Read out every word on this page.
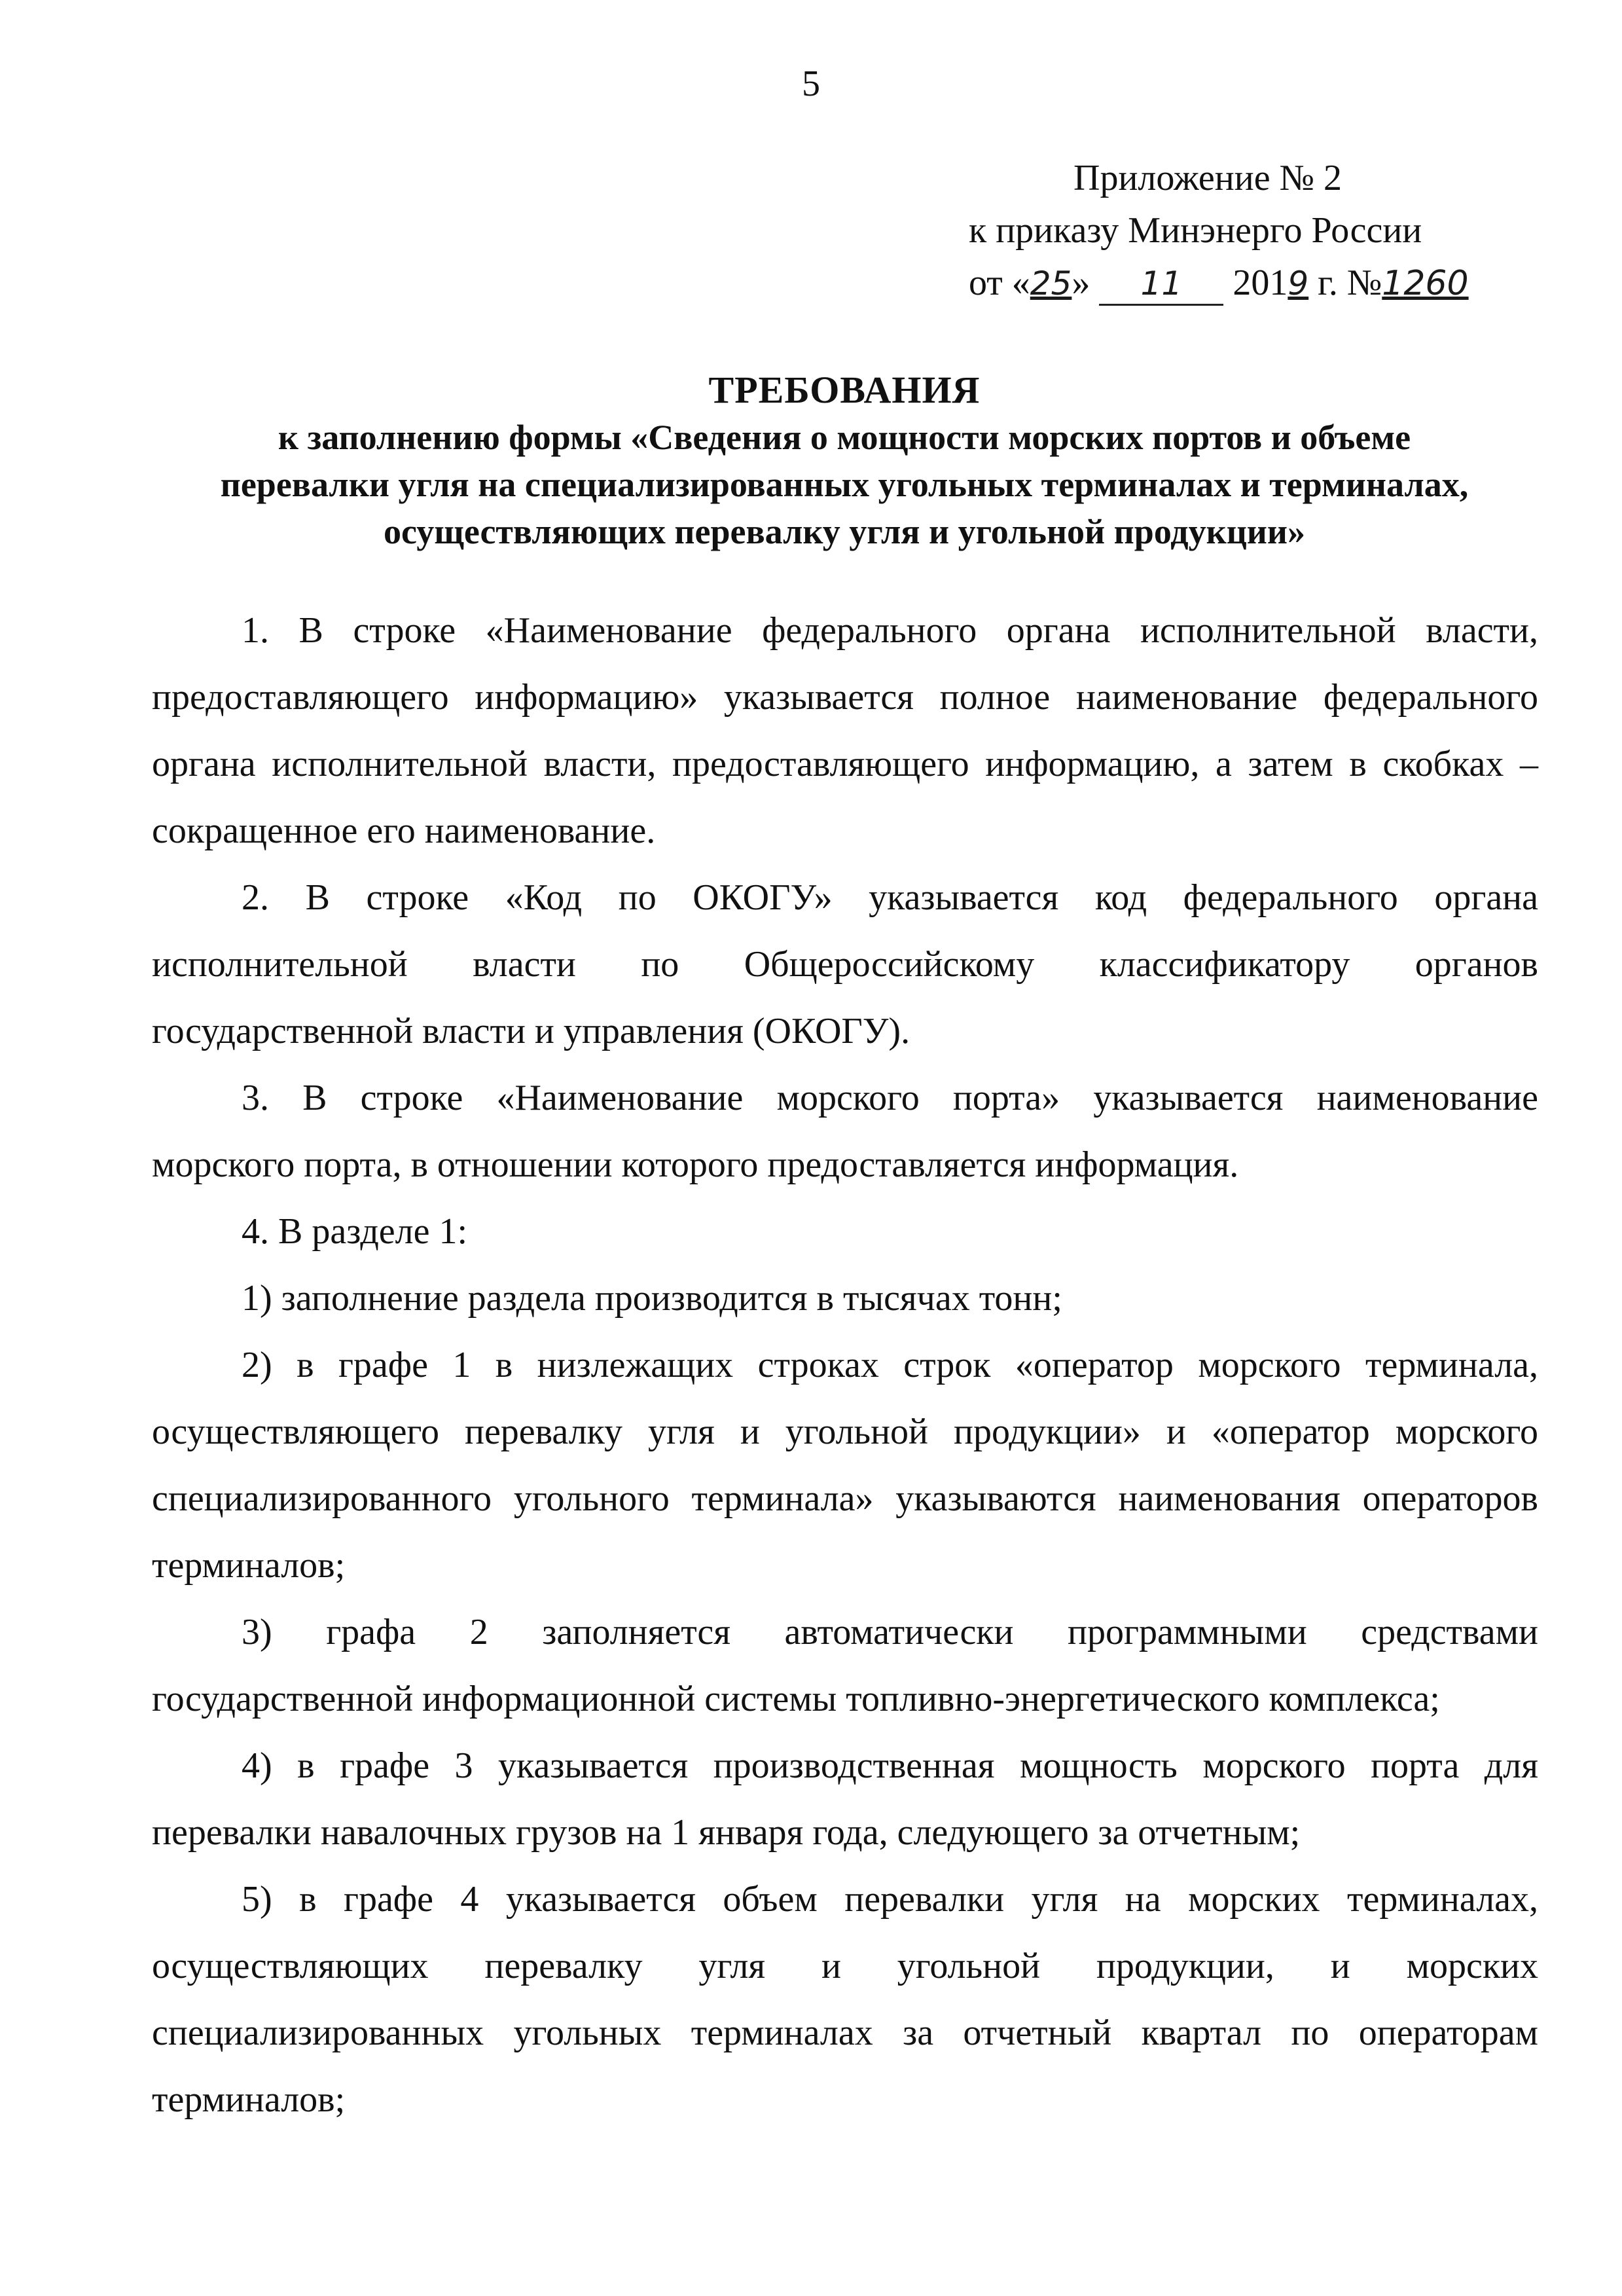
5
Приложение № 2
к приказу Минэнерго России
от «25» 11 2019 г. №1260
ТРЕБОВАНИЯ
к заполнению формы «Сведения о мощности морских портов и объеме
перевалки угля на специализированных угольных терминалах и терминалах,
осуществляющих перевалку угля и угольной продукции»

1. В строке «Наименование федерального органа исполнительной власти,

предоставляющего информацию» указывается полное наименование федерального

органа исполнительной власти, предоставляющего информацию, а затем в скобках –

сокращенное его наименование.

2. В строке «Код по ОКОГУ» указывается код федерального органа

исполнительной власти по Общероссийскому классификатору органов

государственной власти и управления (ОКОГУ).

3. В строке «Наименование морского порта» указывается наименование

морского порта, в отношении которого предоставляется информация.

4. В разделе 1:

1) заполнение раздела производится в тысячах тонн;

2) в графе 1 в низлежащих строках строк «оператор морского терминала,

осуществляющего перевалку угля и угольной продукции» и «оператор морского

специализированного угольного терминала» указываются наименования операторов

терминалов;

3) графа 2 заполняется автоматически программными средствами

государственной информационной системы топливно-энергетического комплекса;

4) в графе 3 указывается производственная мощность морского порта для

перевалки навалочных грузов на 1 января года, следующего за отчетным;

5) в графе 4 указывается объем перевалки угля на морских терминалах,

осуществляющих перевалку угля и угольной продукции, и морских

специализированных угольных терминалах за отчетный квартал по операторам

терминалов;
